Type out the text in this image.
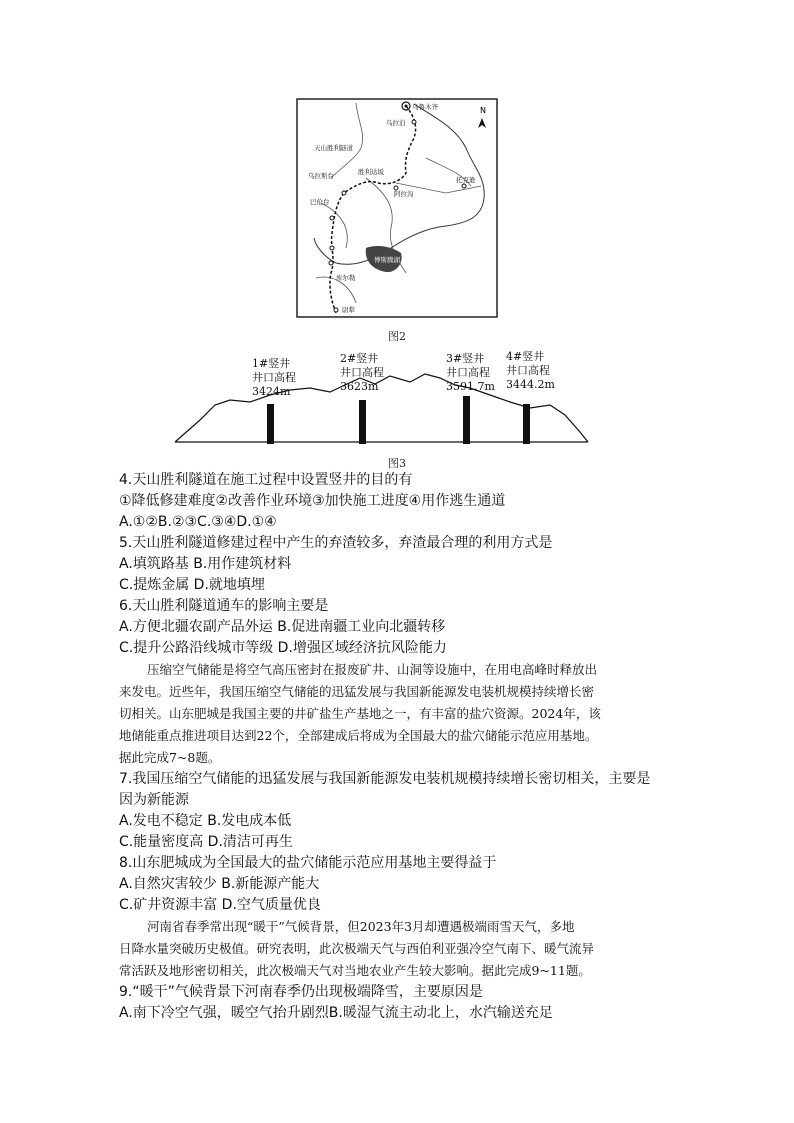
N
乌鲁木齐
乌拉泊
天山胜利隧道
乌拉斯台	胜利达坂
阿拉沟
托克逊
巴伦台
博斯腾湖
库尔勒
尉犁
图2
1#竖井
井口高程
3424m
2#竖井
井口高程
3623m
3#竖井
井口高程
3591.7m
4#竖井
井口高程
3444.2m
图3
4.天山胜利隧道在施工过程中设置竖井的目的有
①降低修建难度②改善作业环境③加快施工进度④用作逃生通道
A.①②B.②③C.③④D.①④
5.天山胜利隧道修建过程中产生的弃渣较多，弃渣最合理的利用方式是
A.填筑路基 B.用作建筑材料
C.提炼金属 D.就地填埋
6.天山胜利隧道通车的影响主要是
A.方便北疆农副产品外运 B.促进南疆工业向北疆转移
C.提升公路沿线城市等级 D.增强区域经济抗风险能力
压缩空气储能是将空气高压密封在报废矿井、山洞等设施中，在用电高峰时释放出
来发电。近些年，我国压缩空气储能的迅猛发展与我国新能源发电装机规模持续增长密
切相关。山东肥城是我国主要的井矿盐生产基地之一，有丰富的盐穴资源。2024年，该
地储能重点推进项目达到22个，全部建成后将成为全国最大的盐穴储能示范应用基地。
据此完成7~8题。
7.我国压缩空气储能的迅猛发展与我国新能源发电装机规模持续增长密切相关，主要是
因为新能源
A.发电不稳定 B.发电成本低
C.能量密度高 D.清洁可再生
8.山东肥城成为全国最大的盐穴储能示范应用基地主要得益于
A.自然灾害较少 B.新能源产能大
C.矿井资源丰富 D.空气质量优良
河南省春季常出现“暖干”气候背景，但2023年3月却遭遇极端雨雪天气，多地
日降水量突破历史极值。研究表明，此次极端天气与西伯利亚强冷空气南下、暖气流异
常活跃及地形密切相关，此次极端天气对当地农业产生较大影响。据此完成9~11题。
9.“暖干”气候背景下河南春季仍出现极端降雪，主要原因是
A.南下冷空气强，暖空气抬升剧烈B.暖湿气流主动北上，水汽输送充足
